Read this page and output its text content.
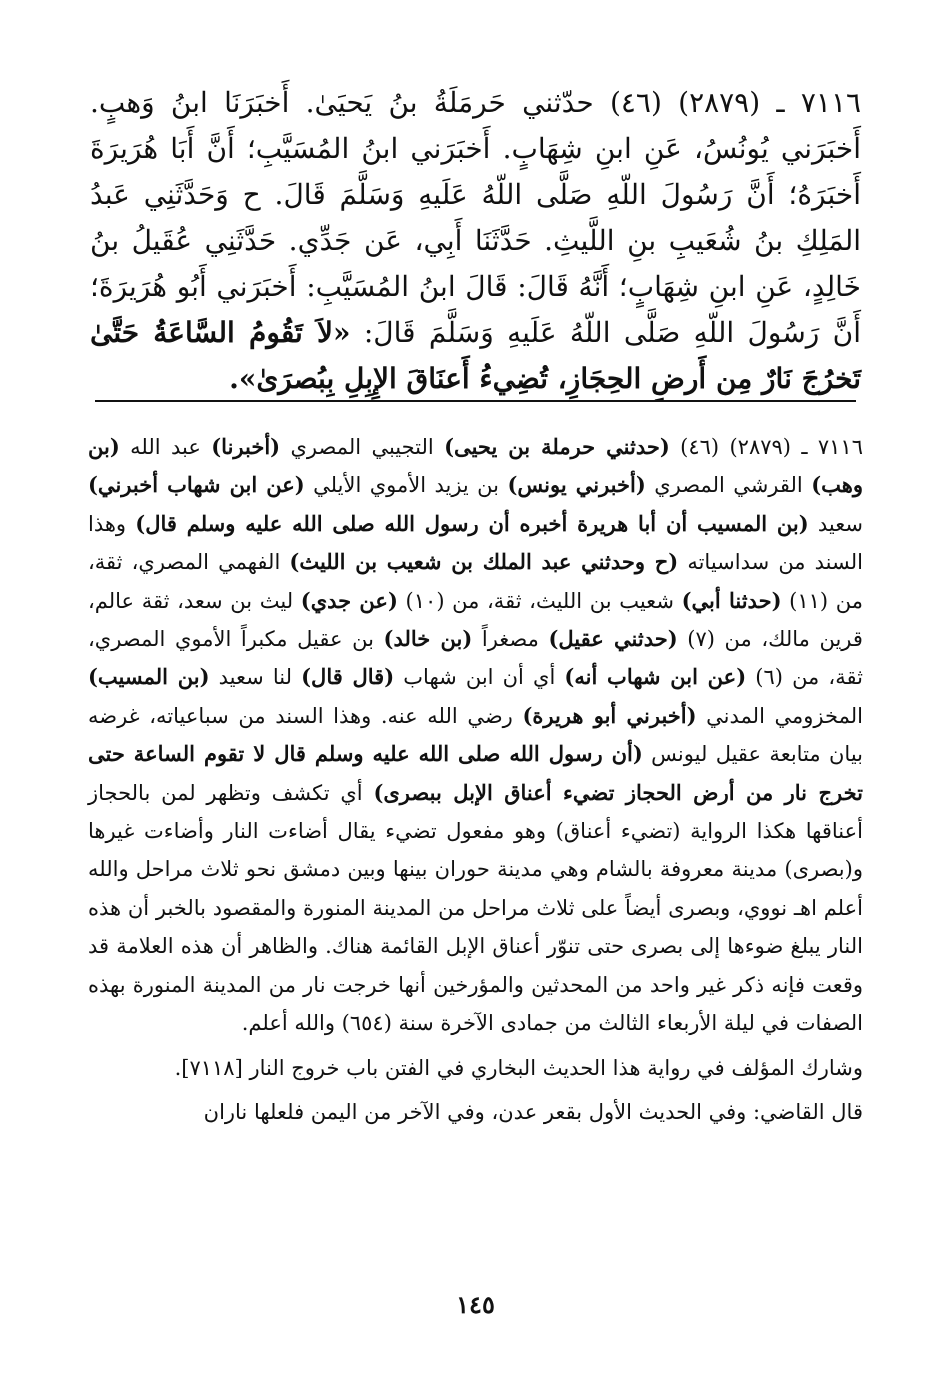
٧١١٦ ـ (٢٨٧٩) (٤٦) حدّثني حَرمَلَةُ بنُ يَحيَىٰ. أَخبَرَنَا ابنُ وَهبٍ. أَخبَرَني يُونُسُ، عَنِ ابنِ شِهَابٍ. أَخبَرَني ابنُ المُسَيَّبِ؛ أَنَّ أَبَا هُرَيرَةَ أَخبَرَهُ؛ أَنَّ رَسُولَ اللّهِ صَلَّى اللّهُ عَلَيهِ وَسَلَّمَ قَالَ. ح وَحَدَّثَنِي عَبدُ المَلِكِ بنُ شُعَيبِ بنِ اللَّيثِ. حَدَّثَنَا أَبِي، عَن جَدِّي. حَدَّثَنِي عُقَيلُ بنُ خَالِدٍ، عَنِ ابنِ شِهَابٍ؛ أَنَّهُ قَالَ: قَالَ ابنُ المُسَيَّبِ: أَخبَرَني أَبُو هُرَيرَةَ؛ أَنَّ رَسُولَ اللّهِ صَلَّى اللّهُ عَلَيهِ وَسَلَّمَ قَالَ: «لاَ تَقُومُ السَّاعَةُ حَتَّىٰ تَخرُجَ نَارٌ مِن أَرضِ الحِجَازِ، تُضِيءُ أَعنَاقَ الإِبِلِ بِبُصرَىٰ».

٧١١٦ ـ (٢٨٧٩) (٤٦) (حدثني حرملة بن يحيى) التجيبي المصري (أخبرنا) عبد الله (بن وهب) القرشي المصري (أخبرني يونس) بن يزيد الأموي الأيلي (عن ابن شهاب أخبرني) سعيد (بن المسيب أن أبا هريرة أخبره أن رسول الله صلى الله عليه وسلم قال) وهذا السند من سداسياته (ح وحدثني عبد الملك بن شعيب بن الليث) الفهمي المصري، ثقة، من (١١) (حدثنا أبي) شعيب بن الليث، ثقة، من (١٠) (عن جدي) ليث بن سعد، ثقة عالم، قرين مالك، من (٧) (حدثني عقيل) مصغراً (بن خالد) بن عقيل مكبراً الأموي المصري، ثقة، من (٦) (عن ابن شهاب أنه) أي أن ابن شهاب (قال قال) لنا سعيد (بن المسيب) المخزومي المدني (أخبرني أبو هريرة) رضي الله عنه. وهذا السند من سباعياته، غرضه بيان متابعة عقيل ليونس (أن رسول الله صلى الله عليه وسلم قال لا تقوم الساعة حتى تخرج نار من أرض الحجاز تضيء أعناق الإبل ببصرى) أي تكشف وتظهر لمن بالحجاز أعناقها هكذا الرواية (تضيء أعناق) وهو مفعول تضيء يقال أضاءت النار وأضاءت غيرها و(بصرى) مدينة معروفة بالشام وهي مدينة حوران بينها وبين دمشق نحو ثلاث مراحل والله أعلم اهـ نووي، وبصرى أيضاً على ثلاث مراحل من المدينة المنورة والمقصود بالخبر أن هذه النار يبلغ ضوءها إلى بصرى حتى تنوّر أعناق الإبل القائمة هناك. والظاهر أن هذه العلامة قد وقعت فإنه ذكر غير واحد من المحدثين والمؤرخين أنها خرجت نار من المدينة المنورة بهذه الصفات في ليلة الأربعاء الثالث من جمادى الآخرة سنة (٦٥٤) والله أعلم.

وشارك المؤلف في رواية هذا الحديث البخاري في الفتن باب خروج النار [٧١١٨].

قال القاضي: وفي الحديث الأول بقعر عدن، وفي الآخر من اليمن فلعلها ناران

١٤٥
